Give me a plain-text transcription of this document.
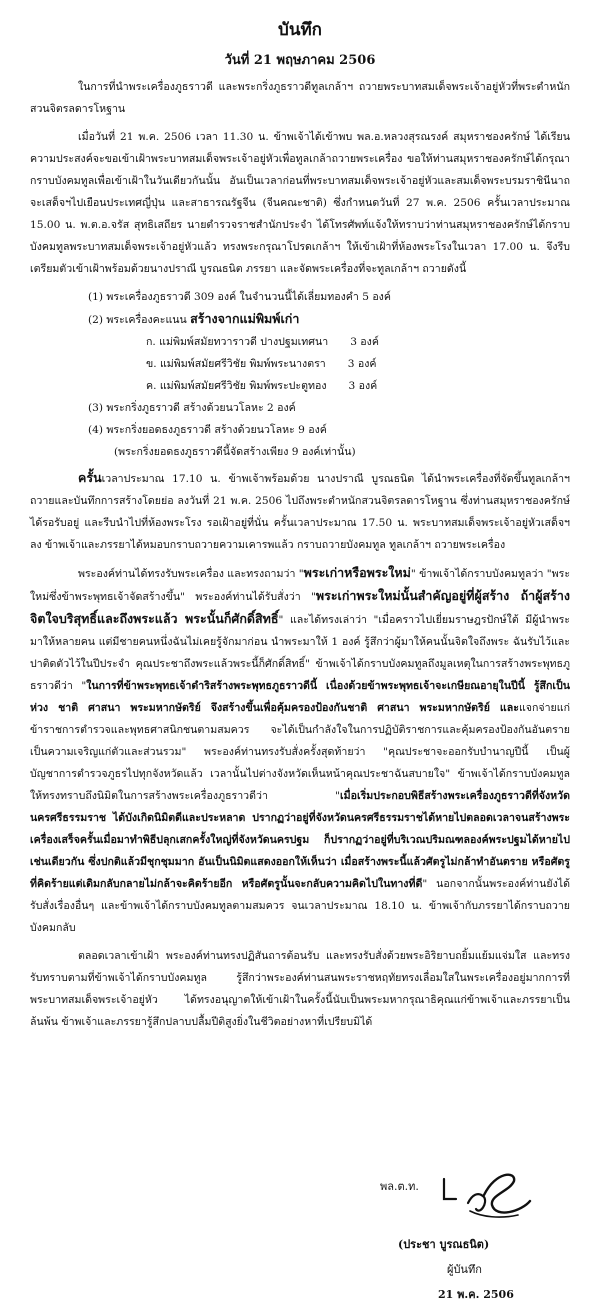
บันทึก
วันที่ 21 พฤษภาคม 2506

ในการที่นำพระเครื่องภูธราวดี และพระกริ่งภูธราวดีทูลเกล้าฯ ถวายพระบาทสมเด็จพระเจ้าอยู่หัวที่พระตำหนักสวนจิตรลดารโหฐาน

เมื่อวันที่ 21 พ.ค. 2506 เวลา 11.30 น. ข้าพเจ้าได้เข้าพบ พล.อ.หลวงสุรณรงค์ สมุหราชองครักษ์ ได้เรียนความประสงค์จะขอเข้าเฝ้าพระบาทสมเด็จพระเจ้าอยู่หัวเพื่อทูลเกล้าถวายพระเครื่อง ขอให้ท่านสมุหราชองครักษ์ได้กรุณากราบบังคมทูลเพื่อเข้าเฝ้าในวันเดียวกันนั้น อันเป็นเวลาก่อนที่พระบาทสมเด็จพระเจ้าอยู่หัวและสมเด็จพระบรมราชินีนาถจะเสด็จฯไปเยือนประเทศญี่ปุ่น และสาธารณรัฐจีน (จีนคณะชาติ) ซึ่งกำหนดวันที่ 27 พ.ค. 2506 ครั้นเวลาประมาณ 15.00 น. พ.ต.อ.จรัส สุทธิเสถียร นายตำรวจราชสำนักประจำ ได้โทรศัพท์แจ้งให้ทราบว่าท่านสมุหราชองครักษ์ได้กราบบังคมทูลพระบาทสมเด็จพระเจ้าอยู่หัวแล้ว ทรงพระกรุณาโปรดเกล้าฯ ให้เข้าเฝ้าที่ห้องพระโรงในเวลา 17.00 น. จึงรีบเตรียมตัวเข้าเฝ้าพร้อมด้วยนางปราณี บูรณธนิต ภรรยา และจัดพระเครื่องที่จะทูลเกล้าฯ ถวายดังนี้

(1) พระเครื่องภูธราวดี 309 องค์ ในจำนวนนี้ได้เลี่ยมทองคำ 5 องค์
(2) พระเครื่องคะแนน สร้างจากแม่พิมพ์เก่า
ก. แม่พิมพ์สมัยทวาราวดี ปางปฐมเทศนา 3 องค์
ข. แม่พิมพ์สมัยศรีวิชัย พิมพ์พระนางตรา 3 องค์
ค. แม่พิมพ์สมัยศรีวิชัย พิมพ์พระปะตูทอง 3 องค์
(3) พระกริ่งภูธราวดี สร้างด้วยนวโลหะ 2 องค์
(4) พระกริ่งยอดธงภูธราวดี สร้างด้วยนวโลหะ 9 องค์
(พระกริ่งยอดธงภูธราวดีนี้จัดสร้างเพียง 9 องค์เท่านั้น)

ครั้นเวลาประมาณ 17.10 น. ข้าพเจ้าพร้อมด้วย นางปราณี บูรณธนิต ได้นำพระเครื่องที่จัดขึ้นทูลเกล้าฯ ถวายและบันทึกการสร้างโดยย่อ ลงวันที่ 21 พ.ค. 2506 ไปถึงพระตำหนักสวนจิตรลดารโหฐาน ซึ่งท่านสมุหราชองครักษ์ได้รอรับอยู่ และรีบนำไปที่ห้องพระโรง รอเฝ้าอยู่ที่นั่น ครั้นเวลาประมาณ 17.50 น. พระบาทสมเด็จพระเจ้าอยู่หัวเสด็จฯ ลง ข้าพเจ้าและภรรยาได้หมอบกราบถวายความเคารพแล้ว กราบถวายบังคมทูล ทูลเกล้าฯ ถวายพระเครื่อง

พระองค์ท่านได้ทรงรับพระเครื่อง และทรงถามว่า "พระเก่าหรือพระใหม่" ข้าพเจ้าได้กราบบังคมทูลว่า "พระใหม่ซึ่งข้าพระพุทธเจ้าจัดสร้างขึ้น" พระองค์ท่านได้รับสั่งว่า "พระเก่าพระใหม่นั้นสำคัญอยู่ที่ผู้สร้าง ถ้าผู้สร้างจิตใจบริสุทธิ์และถึงพระแล้ว พระนั้นก็ศักดิ์สิทธิ์" และได้ทรงเล่าว่า "เมื่อคราวไปเยี่ยมราษฎรปักษ์ใต้ มีผู้นำพระมาให้หลายคน แต่มีชายคนหนึ่งฉันไม่เคยรู้จักมาก่อน นำพระมาให้ 1 องค์ รู้สึกว่าผู้มาให้คนนั้นจิตใจถึงพระ ฉันรับไว้และปาติดตัวไว้ในปีประจำ คุณประชาถึงพระแล้วพระนี้ก็ศักดิ์สิทธิ์" ข้าพเจ้าได้กราบบังคมทูลถึงมูลเหตุในการสร้างพระพุทธภูธราวดีว่า "ในการที่ข้าพระพุทธเจ้าดำริสร้างพระพุทธภูธราวดีนี้ เนื่องด้วยข้าพระพุทธเจ้าจะเกษียณอายุในปีนี้ รู้สึกเป็นห่วง ชาติ ศาสนา พระมหากษัตริย์ จึงสร้างขึ้นเพื่อคุ้มครองป้องกันชาติ ศาสนา พระมหากษัตริย์ และแจกจ่ายแก่ข้าราชการตำรวจและพุทธศาสนิกชนตามสมควร จะได้เป็นกำลังใจในการปฏิบัติราชการและคุ้มครองป้องกันอันตราย เป็นความเจริญแก่ตัวและส่วนรวม" พระองค์ท่านทรงรับสั่งครั้งสุดท้ายว่า "คุณประชาจะออกรับบำนาญปีนี้ เป็นผู้บัญชาการตำรวจภูธรไปทุกจังหวัดแล้ว เวลานั้นไปต่างจังหวัดเห็นหน้าคุณประชาฉันสบายใจ" ข้าพเจ้าได้กราบบังคมทูลให้ทรงทราบถึงนิมิตในการสร้างพระเครื่องภูธราวดีว่า "เมื่อเริ่มประกอบพิธีสร้างพระเครื่องภูธราวดีที่จังหวัดนครศรีธรรมราช ได้บังเกิดนิมิตดีและประหลาด ปรากฏว่าอยู่ที่จังหวัดนครศรีธรรมราชได้หายไปตลอดเวลาจนสร้างพระเครื่องเสร็จครั้นเมื่อมาทำพิธีปลุกเสกครั้งใหญ่ที่จังหวัดนครปฐม ก็ปรากฏว่าอยู่ที่บริเวณปริมณฑลองค์พระปฐมได้หายไปเช่นเดียวกัน ซึ่งปกติแล้วมีชุกชุมมาก อันเป็นนิมิตแสดงออกให้เห็นว่า เมื่อสร้างพระนี้แล้วศัตรูไม่กล้าทำอันตราย หรือศัตรูที่คิดร้ายแต่เดิมกลับกลายไม่กล้าจะคิดร้ายอีก หรือศัตรูนั้นจะกลับความคิดไปในทางที่ดี" นอกจากนั้นพระองค์ท่านยังได้รับสั่งเรื่องอื่นๆ และข้าพเจ้าได้กราบบังคมทูลตามสมควร จนเวลาประมาณ 18.10 น. ข้าพเจ้ากับภรรยาได้กราบถวายบังคมกลับ

ตลอดเวลาเข้าเฝ้า พระองค์ท่านทรงปฏิสันถารต้อนรับ และทรงรับสั่งด้วยพระอิริยาบถยิ้มแย้มแจ่มใส และทรงรับทราบตามที่ข้าพเจ้าได้กราบบังคมทูล รู้สึกว่าพระองค์ท่านสนพระราชหฤทัยทรงเลื่อมใสในพระเครื่องอยู่มากการที่พระบาทสมเด็จพระเจ้าอยู่หัว ได้ทรงอนุญาตให้เข้าเฝ้าในครั้งนี้นับเป็นพระมหากรุณาธิคุณแก่ข้าพเจ้าและภรรยาเป็นล้นพ้น ข้าพเจ้าและภรรยารู้สึกปลาบปลื้มปีติสูงยิ่งในชีวิตอย่างหาที่เปรียบมิได้

พล.ต.ท.
(ประชา บูรณธนิต)
ผู้บันทึก
21 พ.ค. 2506
